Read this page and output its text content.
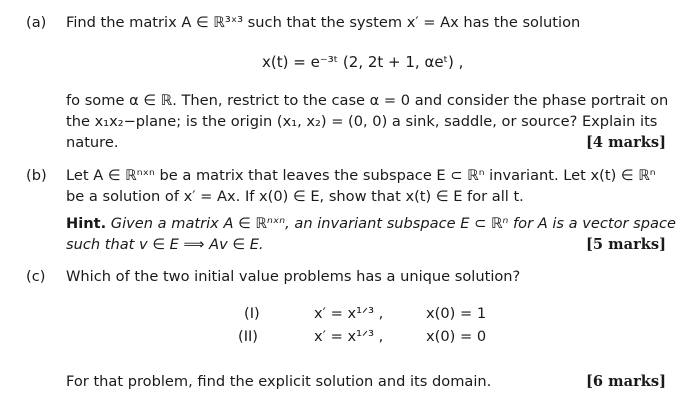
(a) Find the matrix A ∈ ℝ³ˣ³ such that the system x′ = Ax has the solution
x(t) = e⁻³ᵗ (2, 2t + 1, αeᵗ) ,
fo some α ∈ ℝ. Then, restrict to the case α = 0 and consider the phase portrait on
the x₁x₂−plane; is the origin (x₁, x₂) = (0, 0) a sink, saddle, or source? Explain its
nature.	[4 marks]
(b) Let A ∈ ℝⁿˣⁿ be a matrix that leaves the subspace E ⊂ ℝⁿ invariant. Let x(t) ∈ ℝⁿ
be a solution of x′ = Ax. If x(0) ∈ E, show that x(t) ∈ E for all t.
Hint. Given a matrix A ∈ ℝⁿˣⁿ, an invariant subspace E ⊂ ℝⁿ for A is a vector space
such that v ∈ E ⟹ Av ∈ E.	[5 marks]
(c) Which of the two initial value problems has a unique solution?
(I)	x′ = x¹ᐟ³ ,	x(0) = 1
(II)	x′ = x¹ᐟ³ ,	x(0) = 0
For that problem, find the explicit solution and its domain.	[6 marks]
